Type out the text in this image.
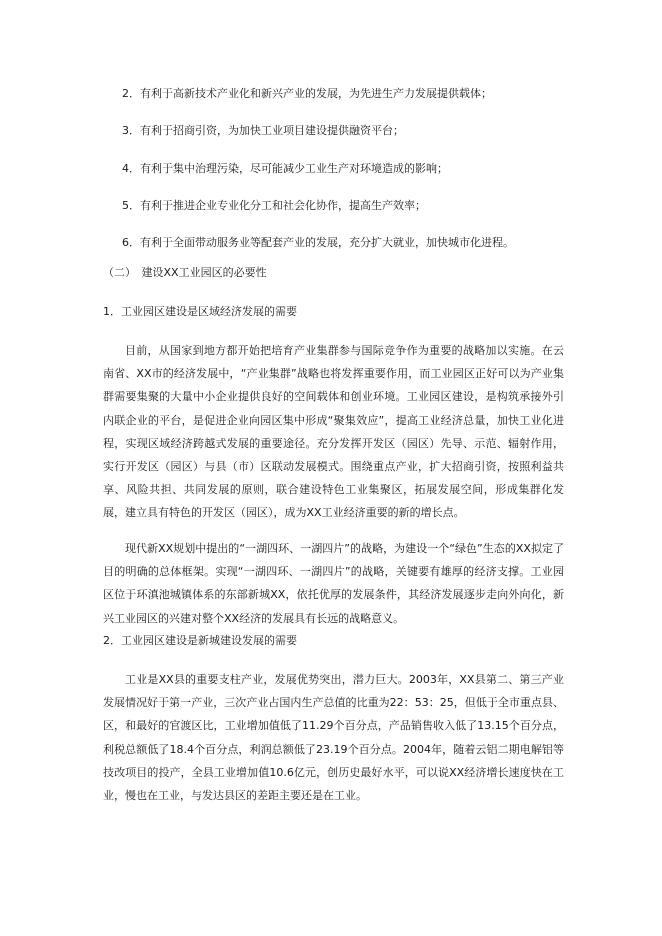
2．有利于高新技术产业化和新兴产业的发展，为先进生产力发展提供载体；
3．有利于招商引资，为加快工业项目建设提供融资平台；
4．有利于集中治理污染，尽可能减少工业生产对环境造成的影响；
5．有利于推进企业专业化分工和社会化协作，提高生产效率；
6．有利于全面带动服务业等配套产业的发展，充分扩大就业，加快城市化进程。
（二）　建设XX工业园区的必要性
1．工业园区建设是区域经济发展的需要

目前，从国家到地方都开始把培育产业集群参与国际竞争作为重要的战略加以实施。在云南省、XX市的经济发展中，“产业集群”战略也将发挥重要作用，而工业园区正好可以为产业集群需要集聚的大量中小企业提供良好的空间载体和创业环境。工业园区建设，是构筑承接外引内联企业的平台，是促进企业向园区集中形成“聚集效应”，提高工业经济总量，加快工业化进程，实现区域经济跨越式发展的重要途径。充分发挥开发区（园区）先导、示范、辐射作用，实行开发区（园区）与县（市）区联动发展模式。围绕重点产业，扩大招商引资，按照利益共享、风险共担、共同发展的原则，联合建设特色工业集聚区，拓展发展空间，形成集群化发展，建立具有特色的开发区（园区），成为XX工业经济重要的新的增长点。

现代新XX规划中提出的“一湖四环、一湖四片”的战略，为建设一个“绿色”生态的XX拟定了目的明确的总体框架。实现“一湖四环、一湖四片”的战略，关键要有雄厚的经济支撑。工业园区位于环滇池城镇体系的东部新城XX，依托优厚的发展条件，其经济发展逐步走向外向化，新兴工业园区的兴建对整个XX经济的发展具有长远的战略意义。

2．工业园区建设是新城建设发展的需要

工业是XX县的重要支柱产业，发展优势突出，潜力巨大。2003年，XX县第二、第三产业发展情况好于第一产业，三次产业占国内生产总值的比重为22：53：25，但低于全市重点县、区，和最好的官渡区比，工业增加值低了11.29个百分点，产品销售收入低了13.15个百分点，利税总额低了18.4个百分点，利润总额低了23.19个百分点。2004年，随着云铝二期电解铝等技改项目的投产，全县工业增加值10.6亿元，创历史最好水平，可以说XX经济增长速度快在工业，慢也在工业，与发达县区的差距主要还是在工业。
